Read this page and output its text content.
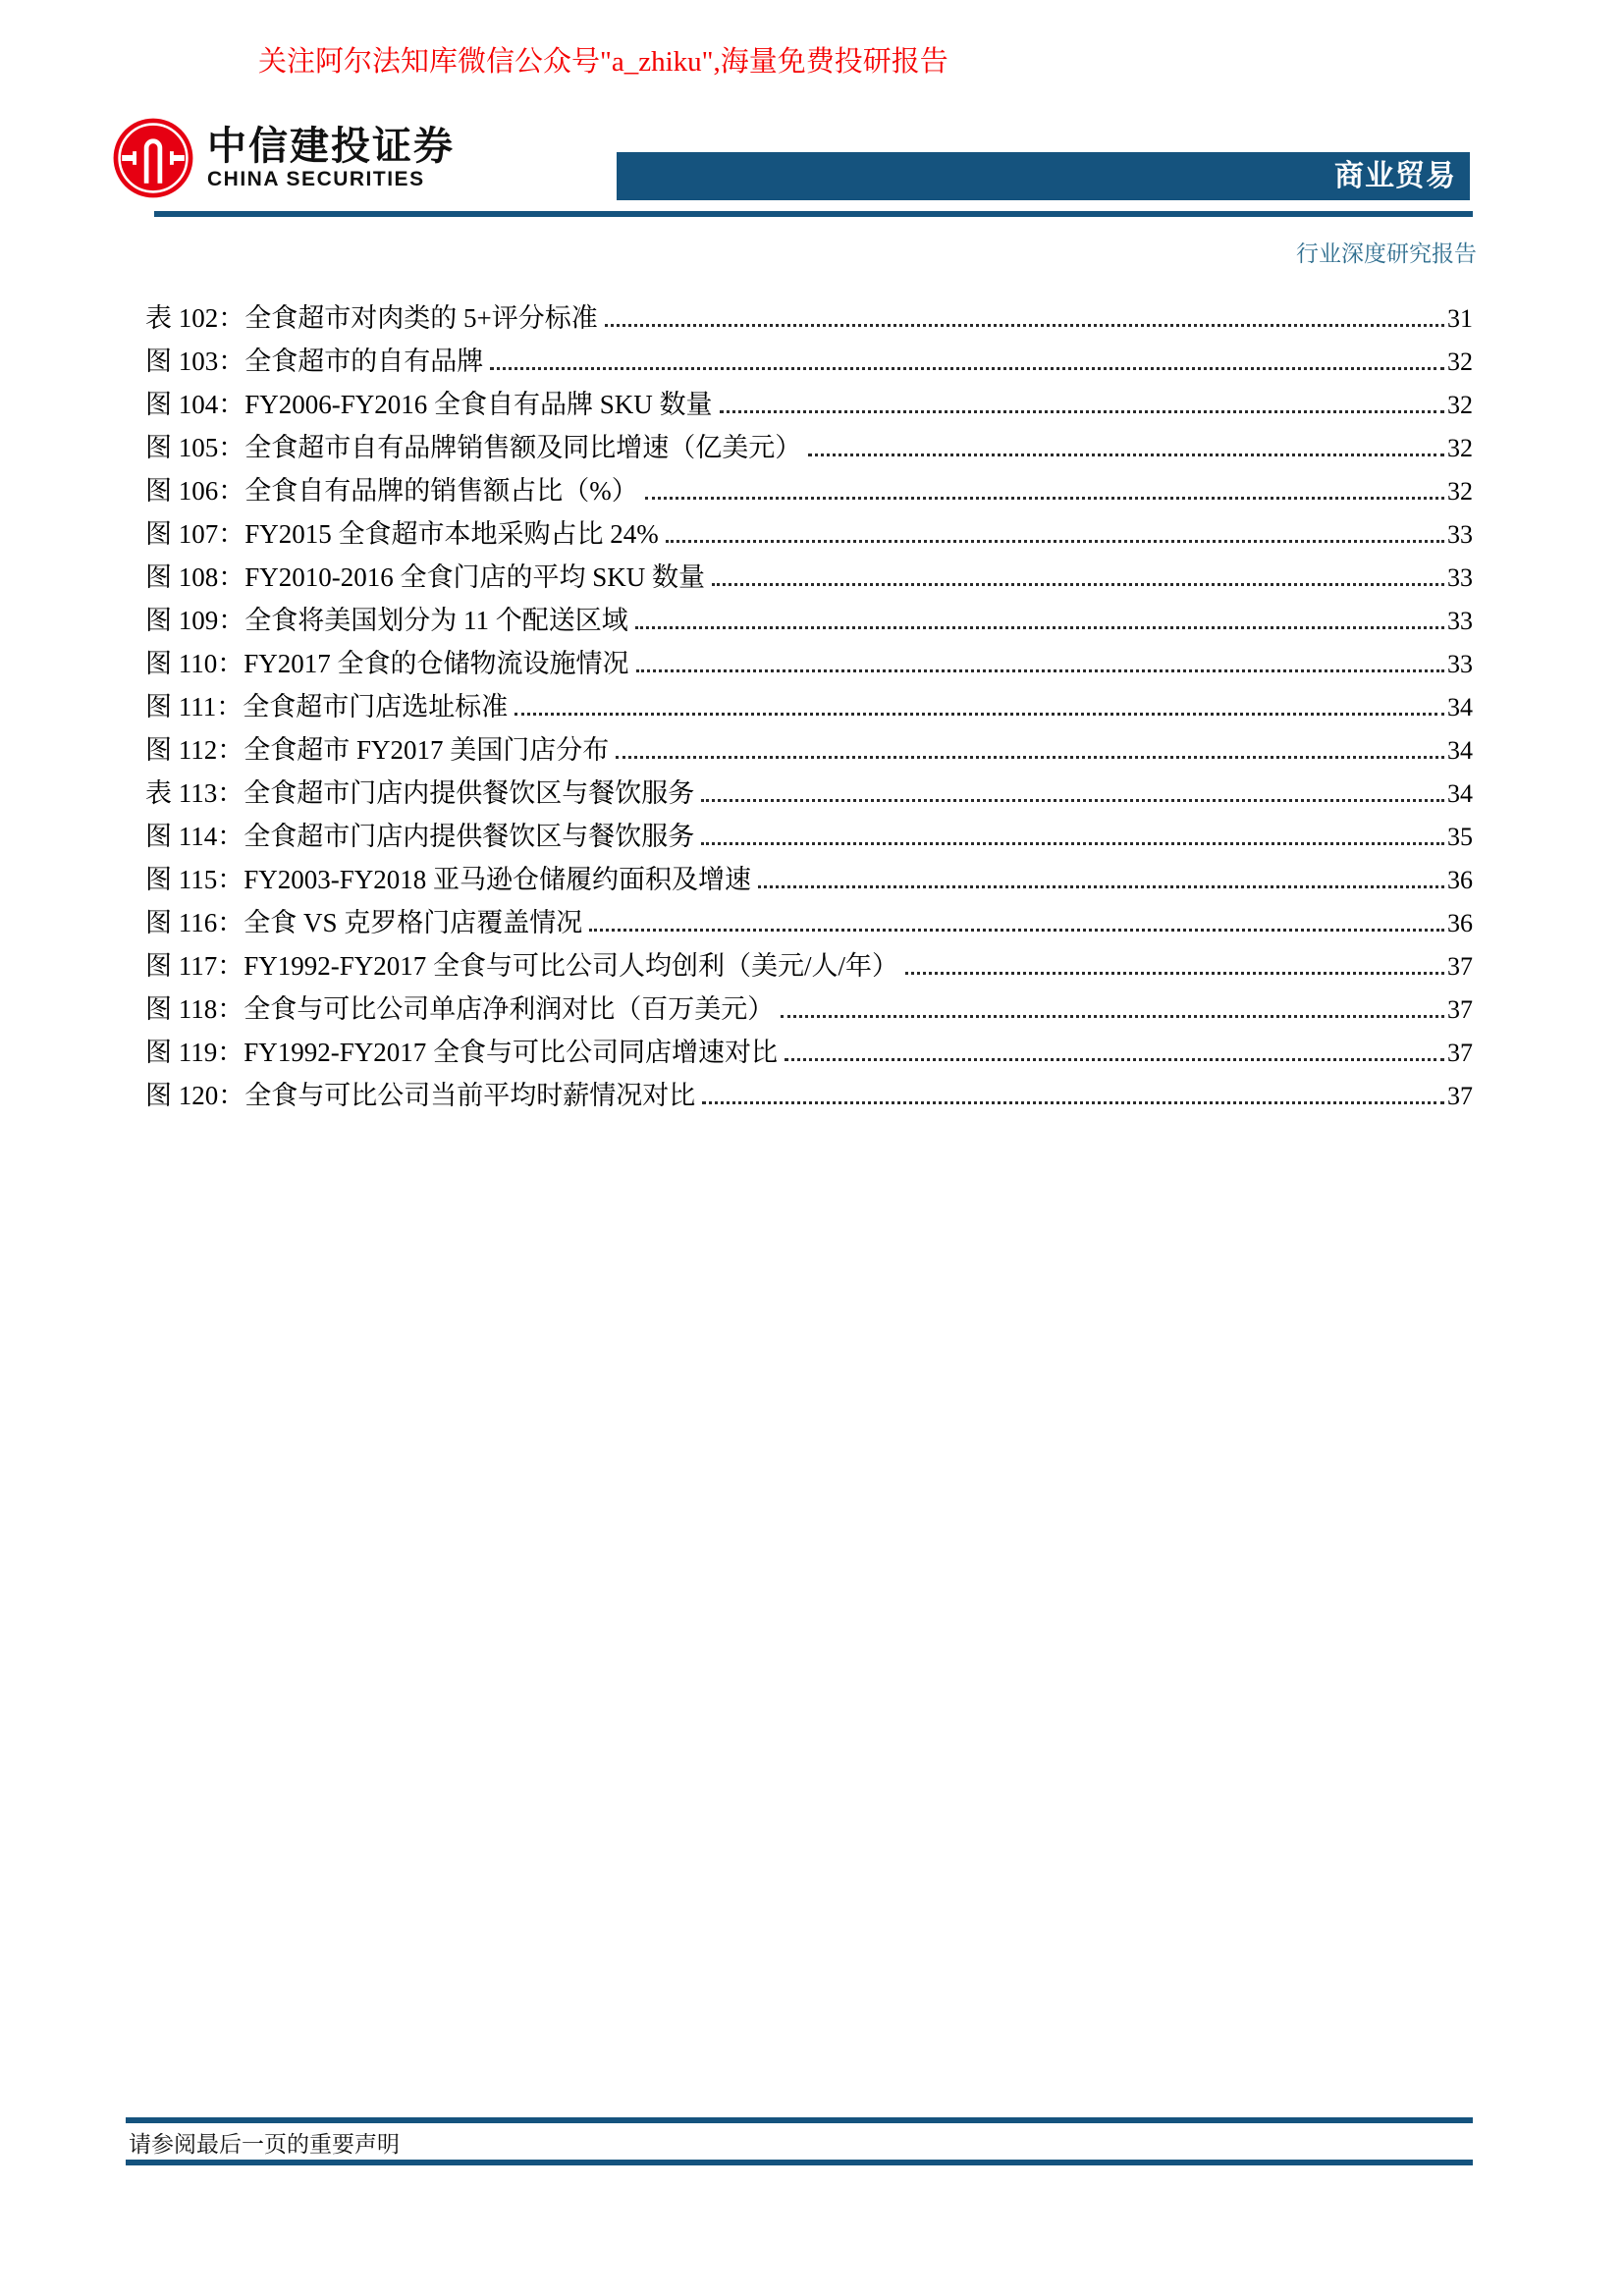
关注阿尔法知库微信公众号"a_zhiku",海量免费投研报告
中信建投证券
CHINA SECURITIES	商业贸易
行业深度研究报告
表 102：全食超市对肉类的 5+评分标准	31
图 103：全食超市的自有品牌	32
图 104：FY2006-FY2016 全食自有品牌 SKU 数量	32
图 105：全食超市自有品牌销售额及同比增速（亿美元）	32
图 106：全食自有品牌的销售额占比（%）	32
图 107：FY2015 全食超市本地采购占比 24%	33
图 108：FY2010-2016 全食门店的平均 SKU 数量	33
图 109：全食将美国划分为 11 个配送区域	33
图 110：FY2017 全食的仓储物流设施情况	33
图 111：全食超市门店选址标准	34
图 112：全食超市 FY2017 美国门店分布	34
表 113：全食超市门店内提供餐饮区与餐饮服务	34
图 114：全食超市门店内提供餐饮区与餐饮服务	35
图 115：FY2003-FY2018 亚马逊仓储履约面积及增速	36
图 116：全食 VS 克罗格门店覆盖情况	36
图 117：FY1992-FY2017 全食与可比公司人均创利（美元/人/年）	37
图 118：全食与可比公司单店净利润对比（百万美元）	37
图 119：FY1992-FY2017 全食与可比公司同店增速对比	37
图 120：全食与可比公司当前平均时薪情况对比	37
请参阅最后一页的重要声明
